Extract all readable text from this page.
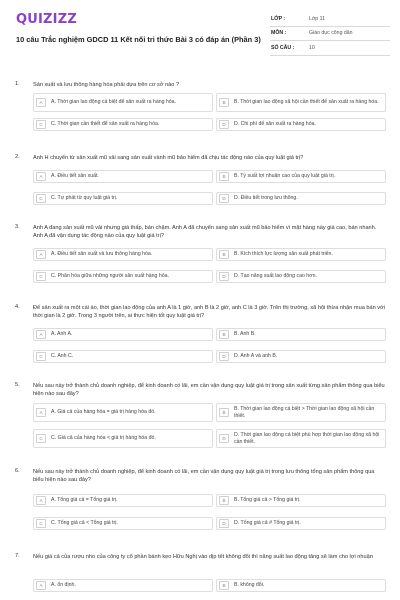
QUIZIZZ
10 câu Trắc nghiệm GDCD 11 Kết nối tri thức Bài 3 có đáp án (Phần 3)
LỚP :	Lớp 11
MÔN :	Giáo dục công dân
SỐ CÂU :	10
1. Sản xuất và lưu thông hàng hóa phải dựa trên cơ sở nào ?
A	A. Thời gian lao động cá biệt để sản xuất ra hàng hóa.	B	B. Thời gian lao động xã hội cần thiết để sản xuất ra hàng hóa.
C	C. Thời gian cần thiết để sản xuất ra hàng hóa.	D	D. Chi phí để sản xuất ra hàng hóa.
2. Anh H chuyển từ sản xuất mũ vải sang sản xuất vành mũ bảo hiểm đã chịu tác động nào của quy luật giá trị?
A	A. Điều tiết sản xuất.	B	B. Tỷ suất lợi nhuận cao của quy luật giá trị.
C	C. Tự phát từ quy luật giá trị.	D	D. Điều tiết trong lưu thông.
3. Anh A đang sản xuất mũ vải nhưng giá thấp, bán chậm. Anh A đã chuyển sang sản xuất mũ bảo hiểm vì mặt hàng này giá cao, bán nhanh. Anh A đã vận dụng tác động nào của quy luật giá trị?
A	A. Điều tiết sản xuất và lưu thông hàng hóa.	B	B. Kích thích lực lượng sản xuất phát triển.
C	C. Phân hóa giữa những người sản xuất hàng hóa.	D	D. Tạo năng suất lao động cao hơn.
4. Để sản xuất ra một cái áo, thời gian lao động của anh A là 1 giờ, anh B là 2 giờ, anh C là 3 giờ. Trên thị trường, xã hội thừa nhận mua bán với thời gian là 2 giờ. Trong 3 người trên, ai thực hiện tốt quy luật giá trị?
A	A. Anh A.	B	B. Anh B.
C	C. Anh C.	D	D. Anh A và anh B.
5. Nếu sau này trở thành chủ doanh nghiệp, để kinh doanh có lãi, em cần vận dụng quy luật giá trị trong sản xuất từng sản phẩm thông qua biểu hiện nào sau đây?
A	A. Giá cả của hàng hóa = giá trị hàng hóa đó.	B
B. Thời gian lao động cá biệt > Thời gian lao động xã hội cần thiết.
C	C. Giá cả của hàng hóa < giá trị hàng hóa đó.	D
D. Thời gian lao động cá biệt phù hợp thời gian lao động xã hội cần thiết.
6. Nếu sau này trở thành chủ doanh nghiệp, để kinh doanh có lãi, em cần vận dụng quy luật giá trị trong lưu thông tổng sản phẩm thông qua biểu hiện nào sau đây?
A	A. Tổng giá cả = Tổng giá trị.	B	B. Tổng giá cả > Tổng giá trị.
C	C. Tổng giá cả < Tổng giá trị.	D	D. Tổng giá cả # Tổng giá trị.
7. Nếu giá cả của rượu nho của công ty cổ phần bánh kẹo Hữu Nghị vào dịp tết không đổi thì năng suất lao động tăng sẽ làm cho lợi nhuận
A	A. ổn định.	B	B. không đổi.
